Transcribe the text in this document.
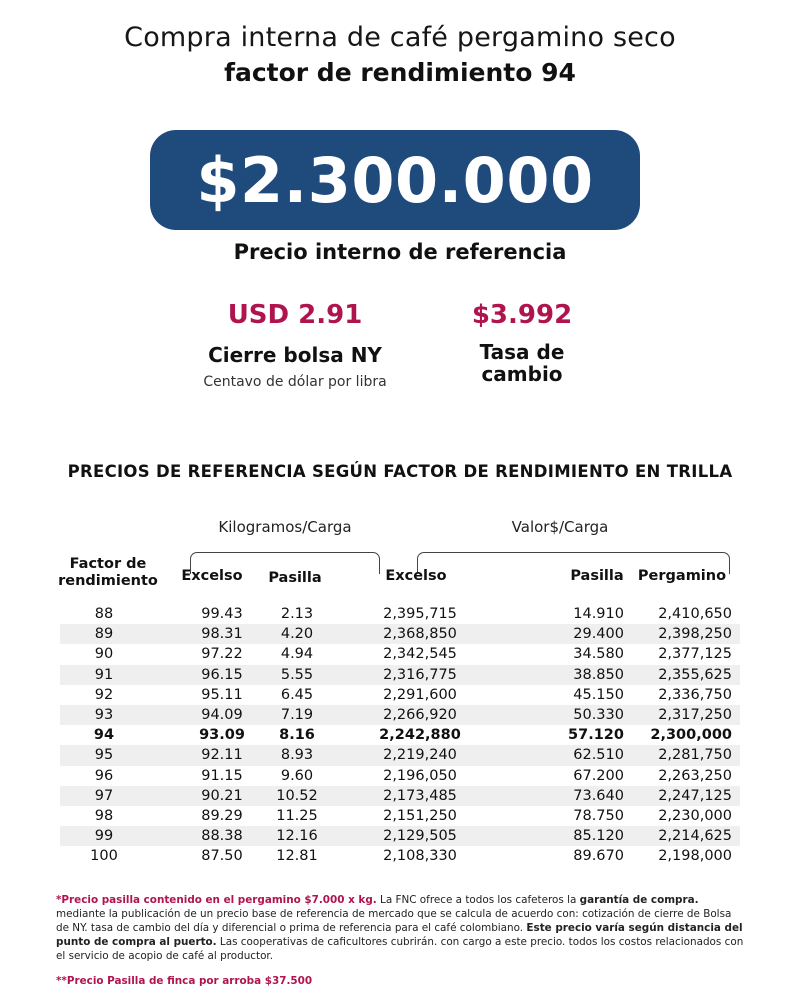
Compra interna de café pergamino seco
factor de rendimiento 94
$2.300.000
Precio interno de referencia
USD 2.91
Cierre bolsa NY
Centavo de dólar por libra
$3.992
Tasa de
cambio
PRECIOS DE REFERENCIA SEGÚN FACTOR DE RENDIMIENTO EN TRILLA
Kilogramos/Carga	Valor$/Carga
Factor de
rendimiento	Excelso	Pasilla	Excelso	Pasilla Pergamino
88	99.43	2.13	2,395,715	14.910	2,410,650
89	98.31	4.20	2,368,850	29.400	2,398,250
90	97.22	4.94	2,342,545	34.580	2,377,125
91	96.15	5.55	2,316,775	38.850	2,355,625
92	95.11	6.45	2,291,600	45.150	2,336,750
93	94.09	7.19	2,266,920	50.330	2,317,250
94	93.09	8.16	2,242,880	57.120	2,300,000
95	92.11	8.93	2,219,240	62.510	2,281,750
96	91.15	9.60	2,196,050	67.200	2,263,250
97	90.21	10.52	2,173,485	73.640	2,247,125
98	89.29	11.25	2,151,250	78.750	2,230,000
99	88.38	12.16	2,129,505	85.120	2,214,625
100	87.50	12.81	2,108,330	89.670	2,198,000
*Precio pasilla contenido en el pergamino $7.000 x kg. La FNC ofrece a todos los cafeteros la garantía de compra. mediante la publicación de un precio base de referencia de mercado que se calcula de acuerdo con: cotización de cierre de Bolsa de NY. tasa de cambio del día y diferencial o prima de referencia para el café colombiano. Este precio varía según distancia del punto de compra al puerto. Las cooperativas de caficultores cubrirán. con cargo a este precio. todos los costos relacionados con el servicio de acopio de café al productor.
**Precio Pasilla de finca por arroba $37.500
